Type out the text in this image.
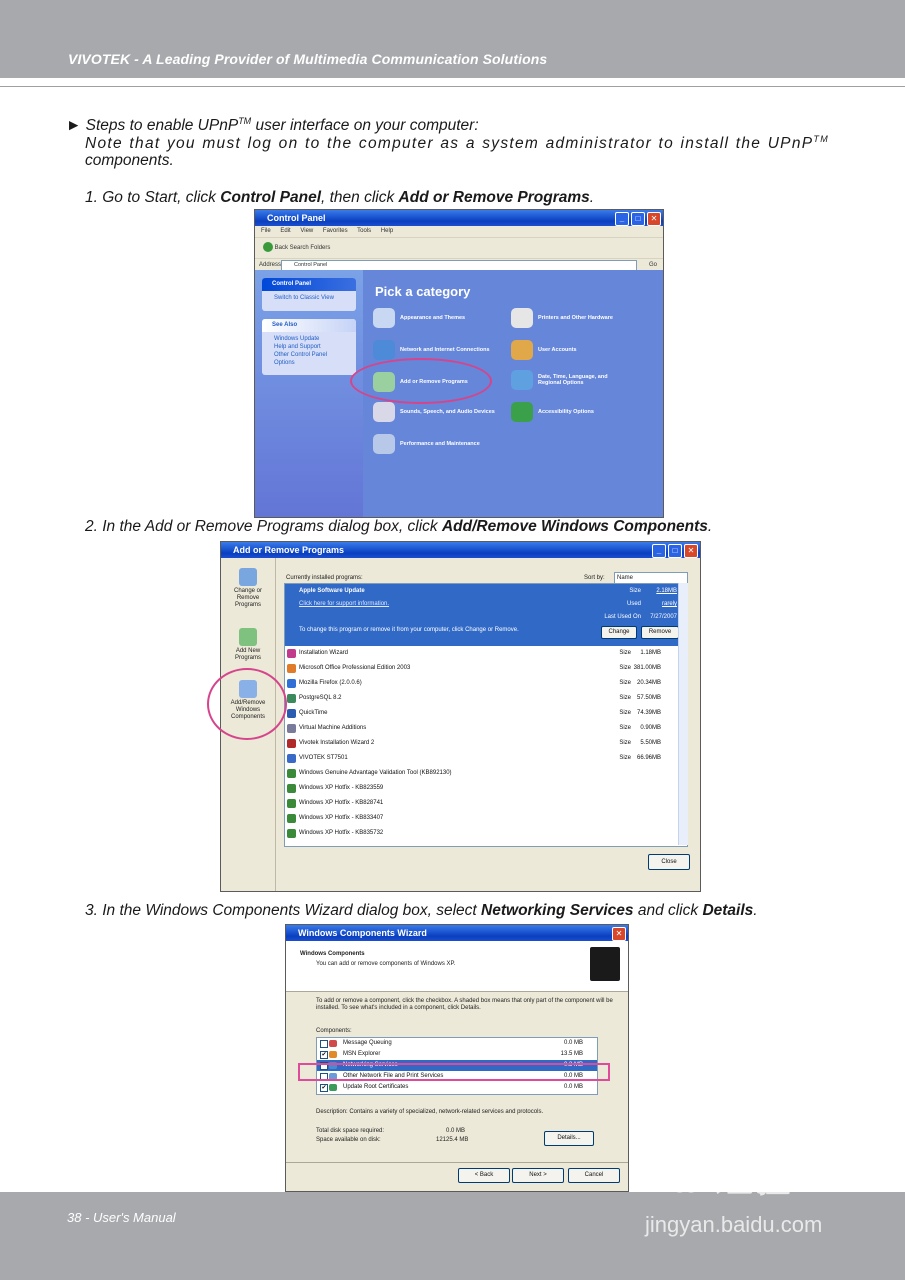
VIVOTEK - A Leading Provider of Multimedia Communication Solutions
► Steps to enable UPnP™ user interface on your computer:
Note that you must log on to the computer as a system administrator to install the UPnP™
components.
1. Go to Start, click Control Panel, then click Add or Remove Programs.
Control Panel	_	□	✕
File Edit View Favorites Tools Help
Back Search Folders
Address	Control Panel	Go
Control Panel
Switch to Classic View
See Also
Windows Update
Help and Support
Other Control Panel Options
Pick a category
Appearance and Themes	Printers and Other Hardware
Network and Internet Connections	User Accounts
Add or Remove Programs
Date, Time, Language, and Regional Options
Sounds, Speech, and Audio Devices	Accessibility Options
Performance and Maintenance
2. In the Add or Remove Programs dialog box, click Add/Remove Windows Components.
Add or Remove Programs	_	□	✕
Change or Remove Programs
Add New Programs
Add/Remove Windows Components
Currently installed programs:	Sort by:	Name
Apple Software Update
Click here for support information.
Size	2.18MB
Used	rarely
Last Used On 7/27/2007
To change this program or remove it from your computer, click Change or Remove.	Change	Remove
Installation Wizard	Size 1.18MB
Microsoft Office Professional Edition 2003	Size 381.00MB
Mozilla Firefox (2.0.0.6)	Size 20.34MB
PostgreSQL 8.2	Size 57.50MB
QuickTime	Size 74.39MB
Virtual Machine Additions	Size 0.90MB
Vivotek Installation Wizard 2	Size 5.50MB
VIVOTEK ST7501	Size 66.96MB
Windows Genuine Advantage Validation Tool (KB892130)
Windows XP Hotfix - KB823559
Windows XP Hotfix - KB828741
Windows XP Hotfix - KB833407
Windows XP Hotfix - KB835732
Close
3. In the Windows Components Wizard dialog box, select Networking Services and click Details.
Windows Components Wizard	✕
Windows Components
You can add or remove components of Windows XP.
To add or remove a component, click the checkbox. A shaded box means that only part of the component will be installed. To see what's included in a component, click Details.
Components:
Message Queuing	0.0 MB
✔	MSN Explorer	13.5 MB
✔	Networking Services	0.3 MB
Other Network File and Print Services	0.0 MB
✔	Update Root Certificates	0.0 MB
Description: Contains a variety of specialized, network-related services and protocols.
Total disk space required:	0.0 MB
Space available on disk:	12125.4 MB	Details...
< Back	Next >	Cancel
38 - User's Manual
Bai 经验
jingyan.baidu.com
